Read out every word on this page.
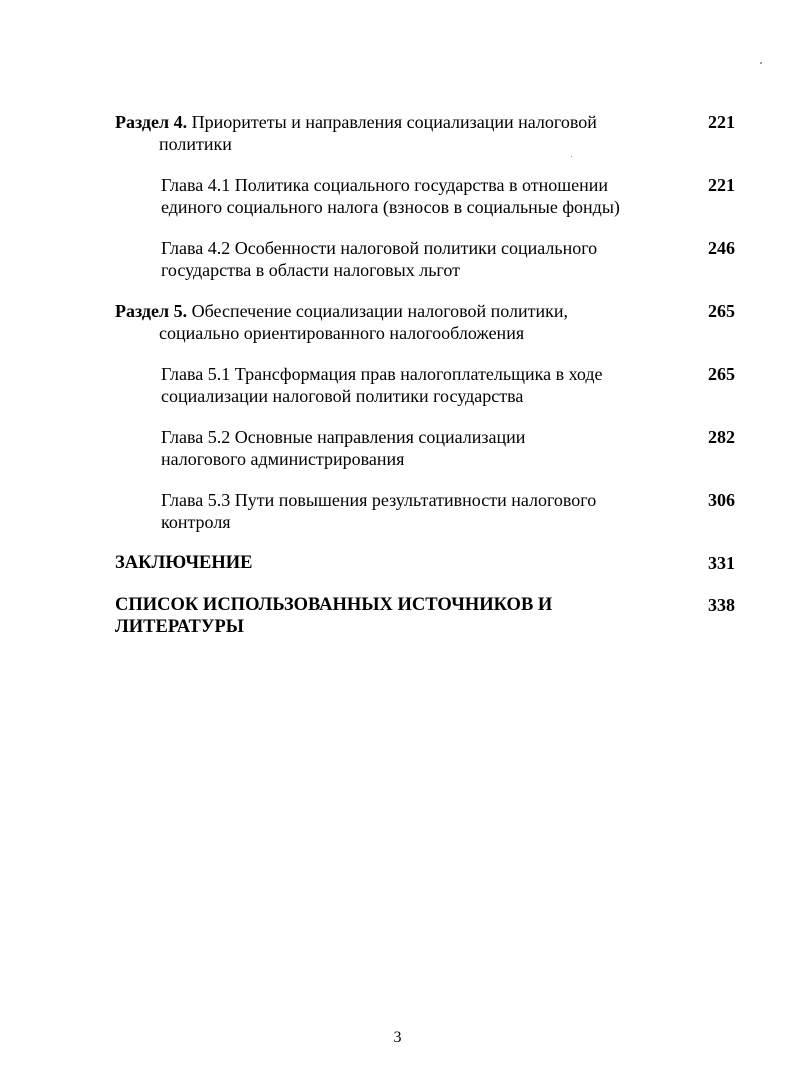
Раздел 4. Приоритеты и направления социализации налоговой
политики

221

Глава 4.1 Политика социального государства в отношении
единого социального налога (взносов в социальные фонды)

221

Глава 4.2 Особенности налоговой политики социального
государства в области налоговых льгот

246

Раздел 5. Обеспечение социализации налоговой политики,
социально ориентированного налогообложения

265

Глава 5.1 Трансформация прав налогоплательщика в ходе
социализации налоговой политики государства

265

Глава 5.2 Основные направления социализации
налогового администрирования

282

Глава 5.3 Пути повышения результативности налогового
контроля

306

ЗАКЛЮЧЕНИЕ	331

СПИСОК ИСПОЛЬЗОВАННЫХ ИСТОЧНИКОВ И
ЛИТЕРАТУРЫ

338
3
